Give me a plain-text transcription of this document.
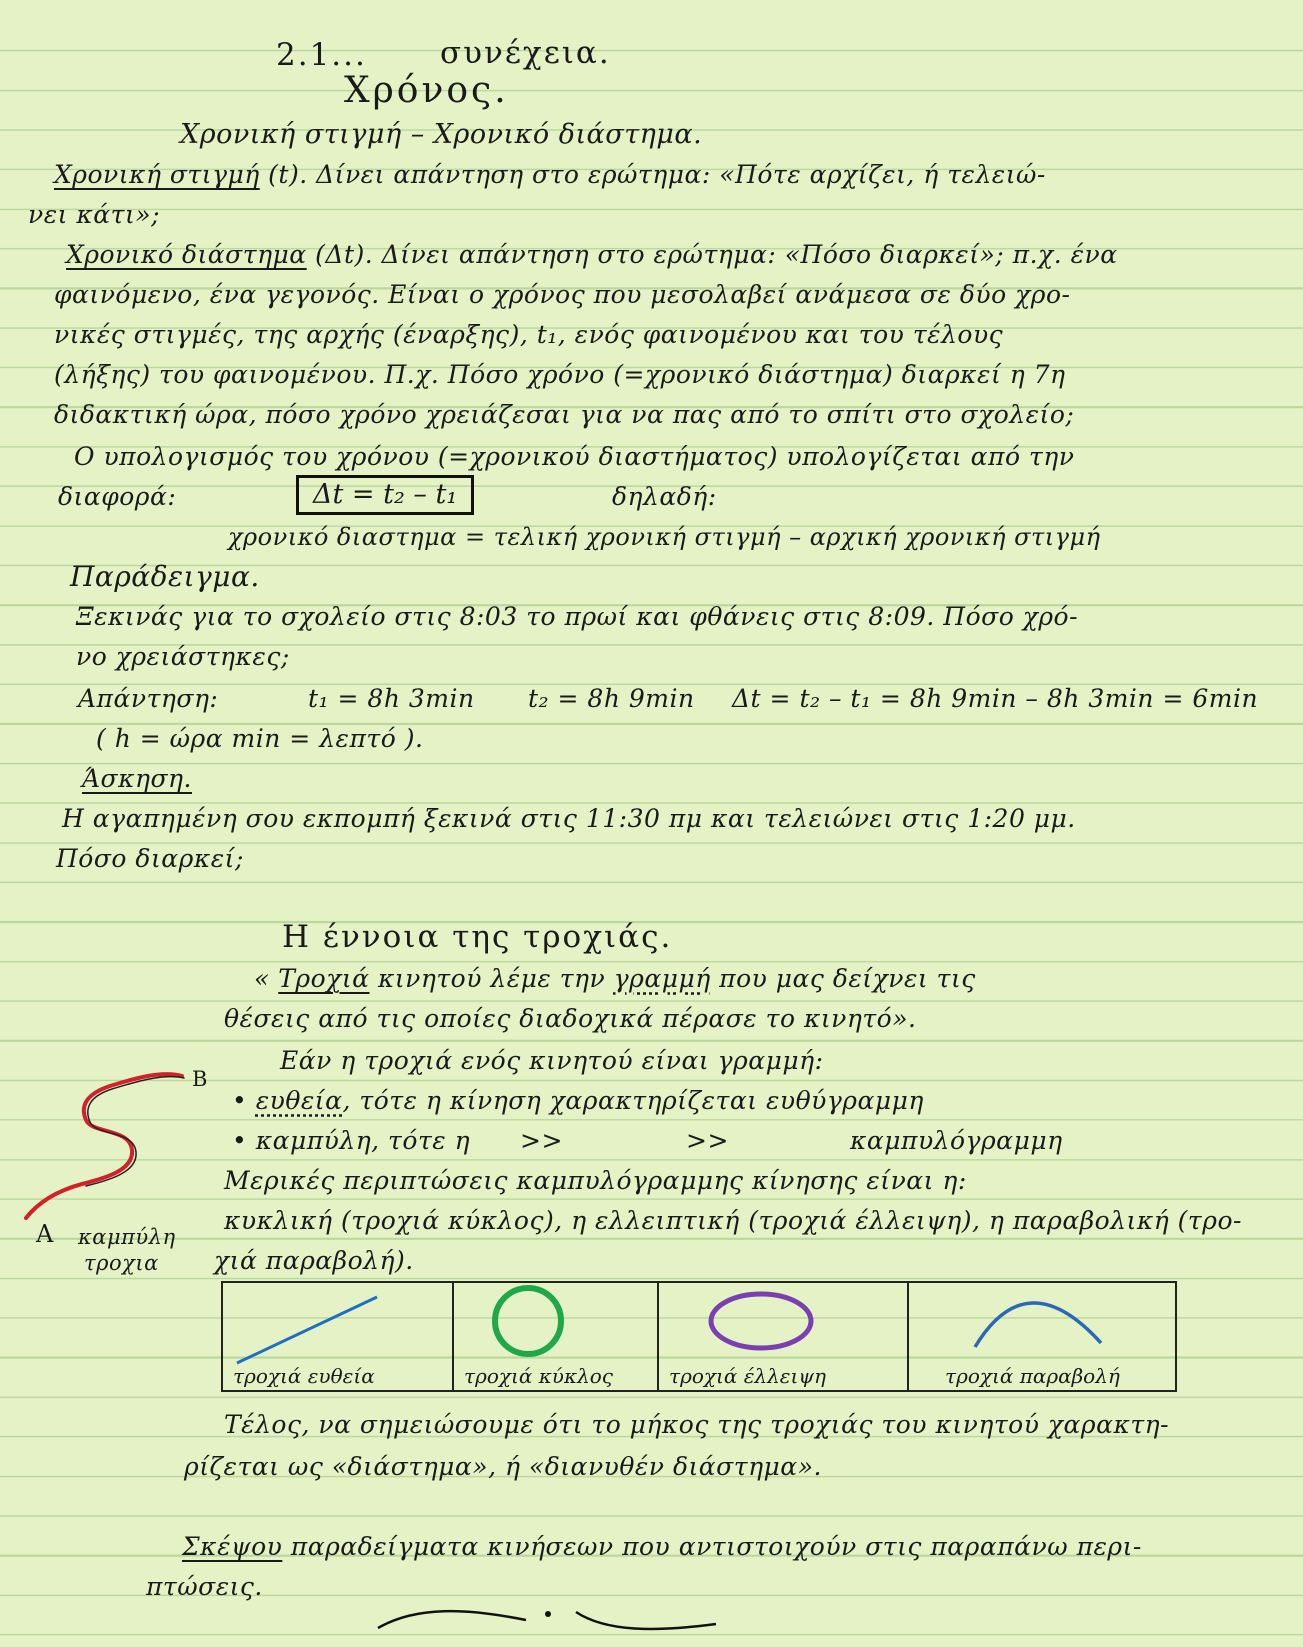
2.1... συνέχεια.
Χρόνος.
Χρονική στιγμή – Χρονικό διάστημα.
Χρονική στιγμή (t). Δίνει απάντηση στο ερώτημα: «Πότε αρχίζει, ή τελειώ-
νει κάτι»;
Χρονικό διάστημα (Δt). Δίνει απάντηση στο ερώτημα: «Πόσο διαρκεί»; π.χ. ένα
φαινόμενο, ένα γεγονός. Είναι ο χρόνος που μεσολαβεί ανάμεσα σε δύο χρο-
νικές στιγμές, της αρχής (έναρξης), t₁, ενός φαινομένου και του τέλους
(λήξης) του φαινομένου. Π.χ. Πόσο χρόνο (=χρονικό διάστημα) διαρκεί η 7η
διδακτική ώρα, πόσο χρόνο χρειάζεσαι για να πας από το σπίτι στο σχολείο;
Ο υπολογισμός του χρόνου (=χρονικού διαστήματος) υπολογίζεται από την
διαφορά:	Δt = t₂ – t₁	δηλαδή:
χρονικό διαστημα = τελική χρονική στιγμή – αρχική χρονική στιγμή
Παράδειγμα.
Ξεκινάς για το σχολείο στις 8:03 το πρωί και φθάνεις στις 8:09. Πόσο χρό-
νο χρειάστηκες;
Απάντηση:	t₁ = 8h 3min t₂ = 8h 9min Δt = t₂ – t₁ = 8h 9min – 8h 3min = 6min
( h = ώρα min = λεπτό ).
Άσκηση.
Η αγαπημένη σου εκπομπή ξεκινά στις 11:30 πμ και τελειώνει στις 1:20 μμ.
Πόσο διαρκεί;
Η έννοια της τροχιάς.
« Τροχιά κινητού λέμε την γραμμή που μας δείχνει τις
θέσεις από τις οποίες διαδοχικά πέρασε το κινητό».
Εάν η τροχιά ενός κινητού είναι γραμμή:
• ευθεία, τότε η κίνηση χαρακτηρίζεται ευθύγραμμη
• καμπύλη, τότε η >>	>>	καμπυλόγραμμη
Μερικές περιπτώσεις καμπυλόγραμμης κίνησης είναι η:
κυκλική (τροχιά κύκλος), η ελλειπτική (τροχιά έλλειψη), η παραβολική (τρο-
χιά παραβολή).
B
A καμπύλη
τροχια
τροχιά ευθεία	τροχιά κύκλος	τροχιά έλλειψη	τροχιά παραβολή
Τέλος, να σημειώσουμε ότι το μήκος της τροχιάς του κινητού χαρακτη-
ρίζεται ως «διάστημα», ή «διανυθέν διάστημα».
Σκέψου παραδείγματα κινήσεων που αντιστοιχούν στις παραπάνω περι-
πτώσεις.
